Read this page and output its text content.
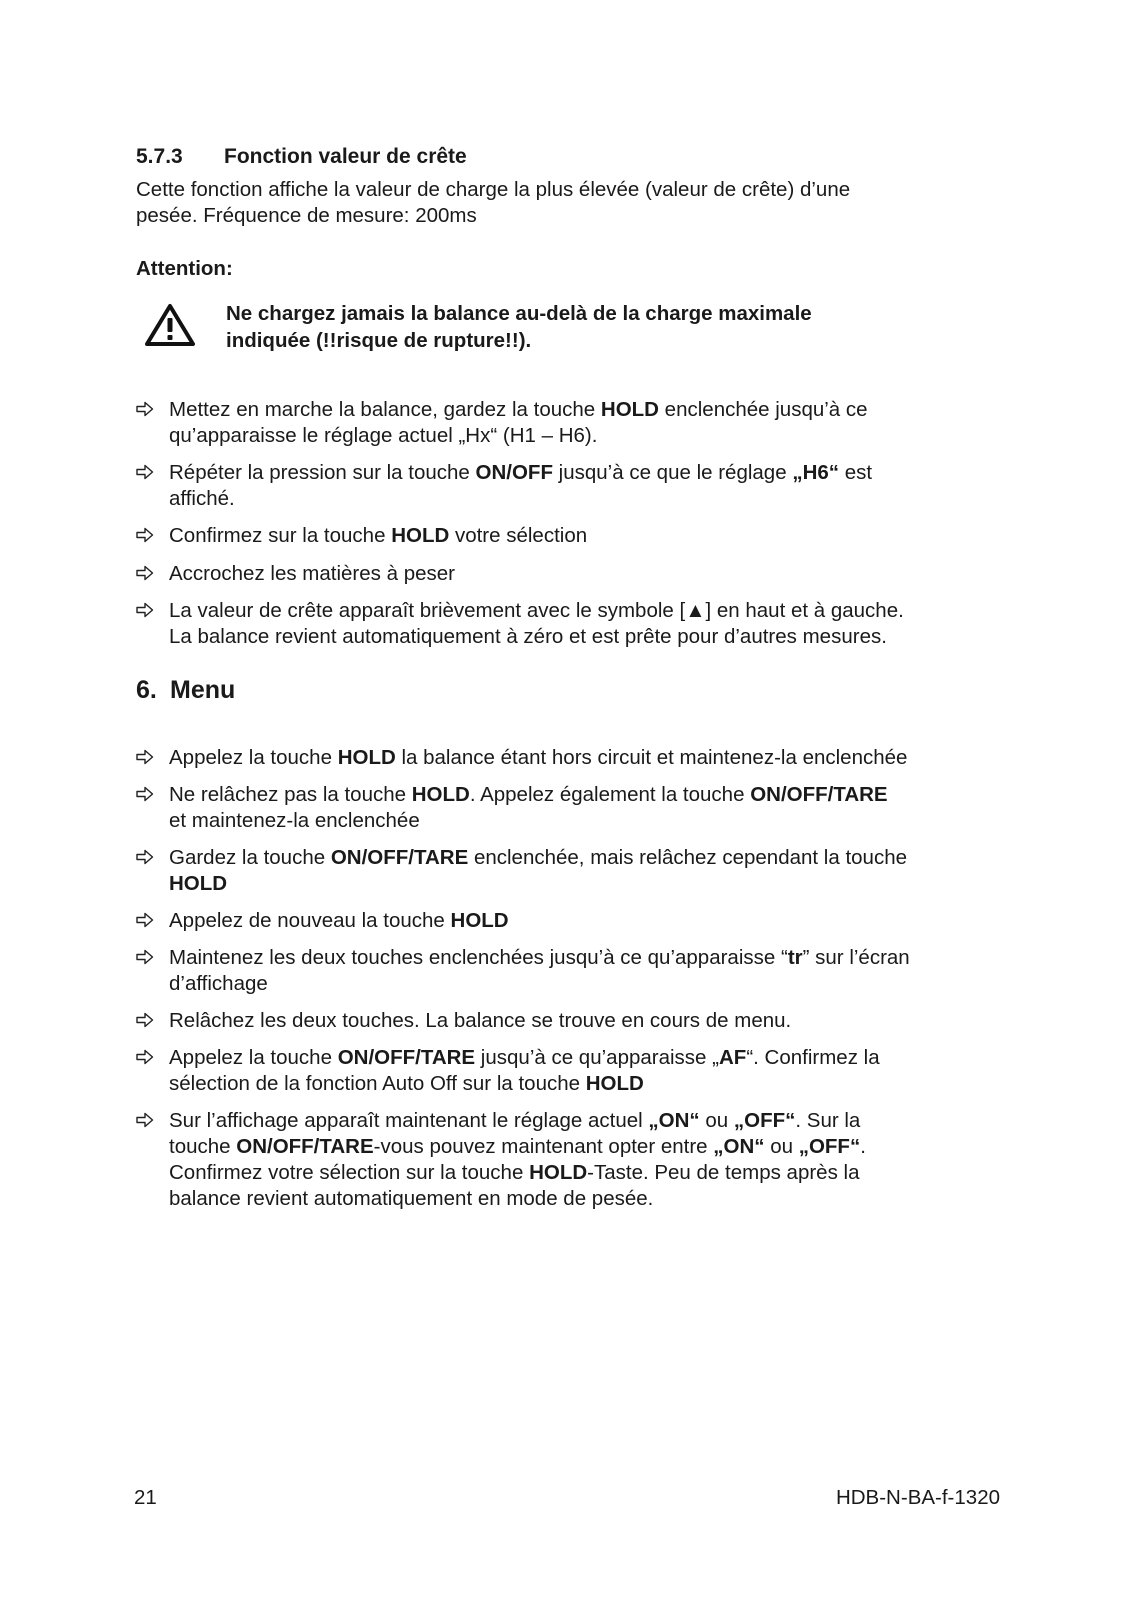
5.7.3 Fonction valeur de crête
Cette fonction affiche la valeur de charge la plus élevée (valeur de crête) d’une
pesée. Fréquence de mesure: 200ms
Attention:
Ne chargez jamais la balance au-delà de la charge maximale
indiquée (!!risque de rupture!!).
Mettez en marche la balance, gardez la touche HOLD enclenchée jusqu’à ce
qu’apparaisse le réglage actuel „Hx“ (H1 – H6).
Répéter la pression sur la touche ON/OFF jusqu’à ce que le réglage „H6“ est
affiché.
Confirmez sur la touche HOLD votre sélection
Accrochez les matières à peser
La valeur de crête apparaît brièvement avec le symbole [▲] en haut et à gauche.
La balance revient automatiquement à zéro et est prête pour d’autres mesures.
6. Menu
Appelez la touche HOLD la balance étant hors circuit et maintenez-la enclenchée
Ne relâchez pas la touche HOLD. Appelez également la touche ON/OFF/TARE
et maintenez-la enclenchée
Gardez la touche ON/OFF/TARE enclenchée, mais relâchez cependant la touche
HOLD
Appelez de nouveau la touche HOLD
Maintenez les deux touches enclenchées jusqu’à ce qu’apparaisse “tr” sur l’écran
d’affichage
Relâchez les deux touches. La balance se trouve en cours de menu.
Appelez la touche ON/OFF/TARE jusqu’à ce qu’apparaisse „AF“. Confirmez la
sélection de la fonction Auto Off sur la touche HOLD
Sur l’affichage apparaît maintenant le réglage actuel „ON“ ou „OFF“. Sur la
touche ON/OFF/TARE-vous pouvez maintenant opter entre „ON“ ou „OFF“.
Confirmez votre sélection sur la touche HOLD-Taste. Peu de temps après la
balance revient automatiquement en mode de pesée.
21	HDB-N-BA-f-1320
